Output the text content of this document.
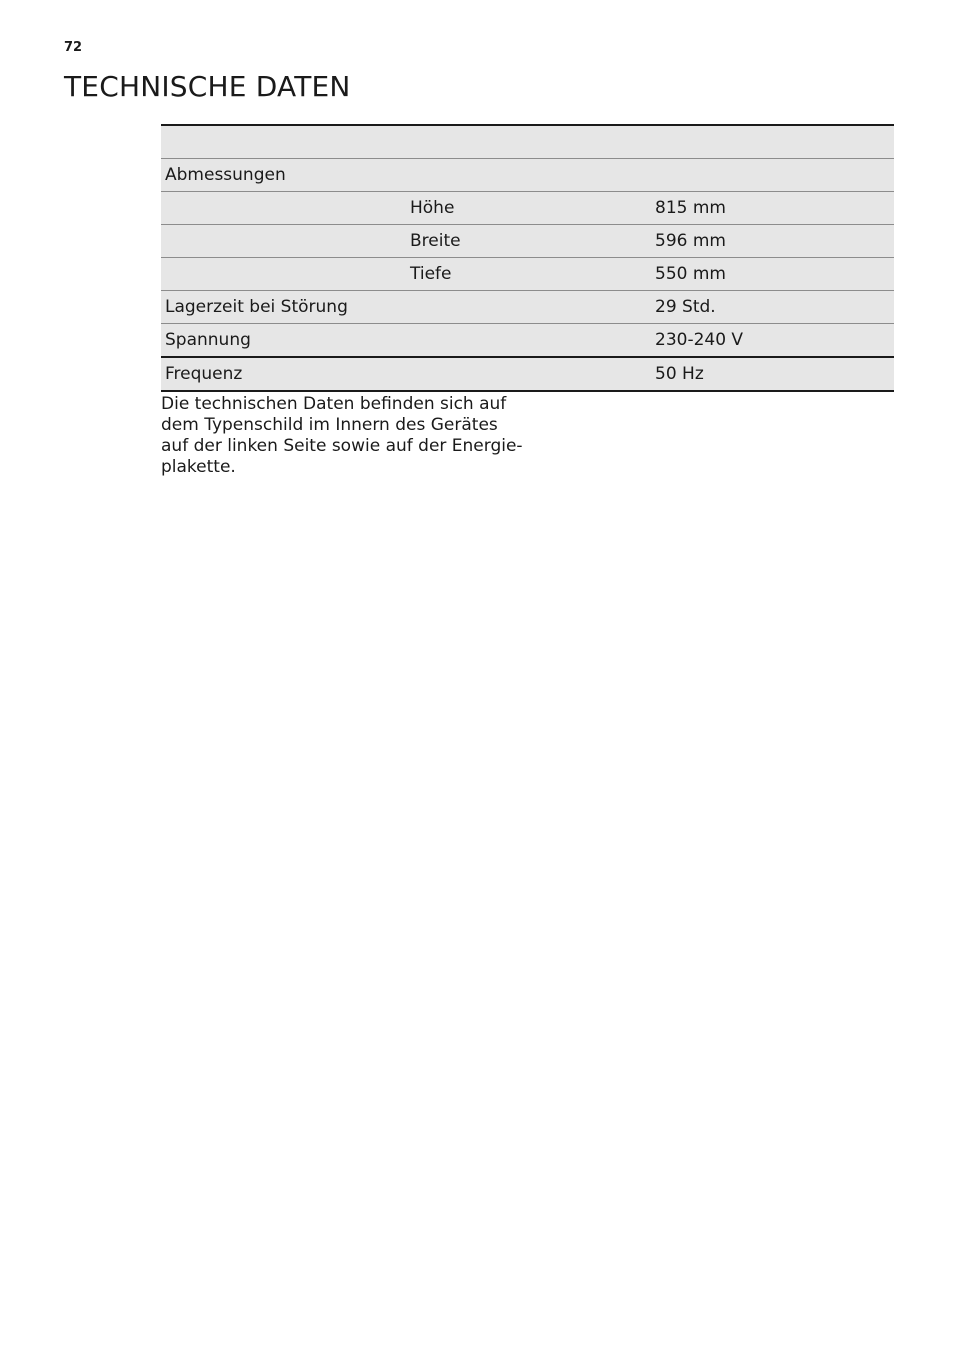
72
TECHNISCHE DATEN
Abmessungen
Höhe	815 mm
Breite	596 mm
Tiefe	550 mm
Lagerzeit bei Störung	29 Std.
Spannung	230-240 V
Frequenz	50 Hz

Die technischen Daten befinden sich auf
dem Typenschild im Innern des Gerätes
auf der linken Seite sowie auf der Energie-
plakette.
